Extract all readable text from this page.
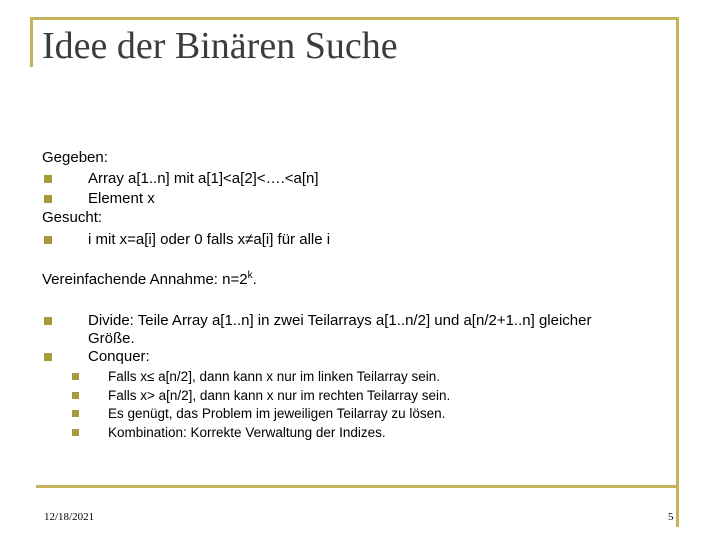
Idee der Binären Suche
Gegeben:
Array a[1..n] mit a[1]<a[2]<….<a[n]
Element x
Gesucht:
i mit x=a[i] oder 0 falls x≠a[i] für alle i
Vereinfachende Annahme: $n=2^k$.
Divide: Teile Array a[1..n] in zwei Teilarrays a[1..n/2] und a[n/2+1..n] gleicher
Größe.
Conquer:
Falls x≤ a[n/2], dann kann x nur im linken Teilarray sein.
Falls x> a[n/2], dann kann x nur im rechten Teilarray sein.
Es genügt, das Problem im jeweiligen Teilarray zu lösen.
Kombination: Korrekte Verwaltung der Indizes.
12/18/2021	5
